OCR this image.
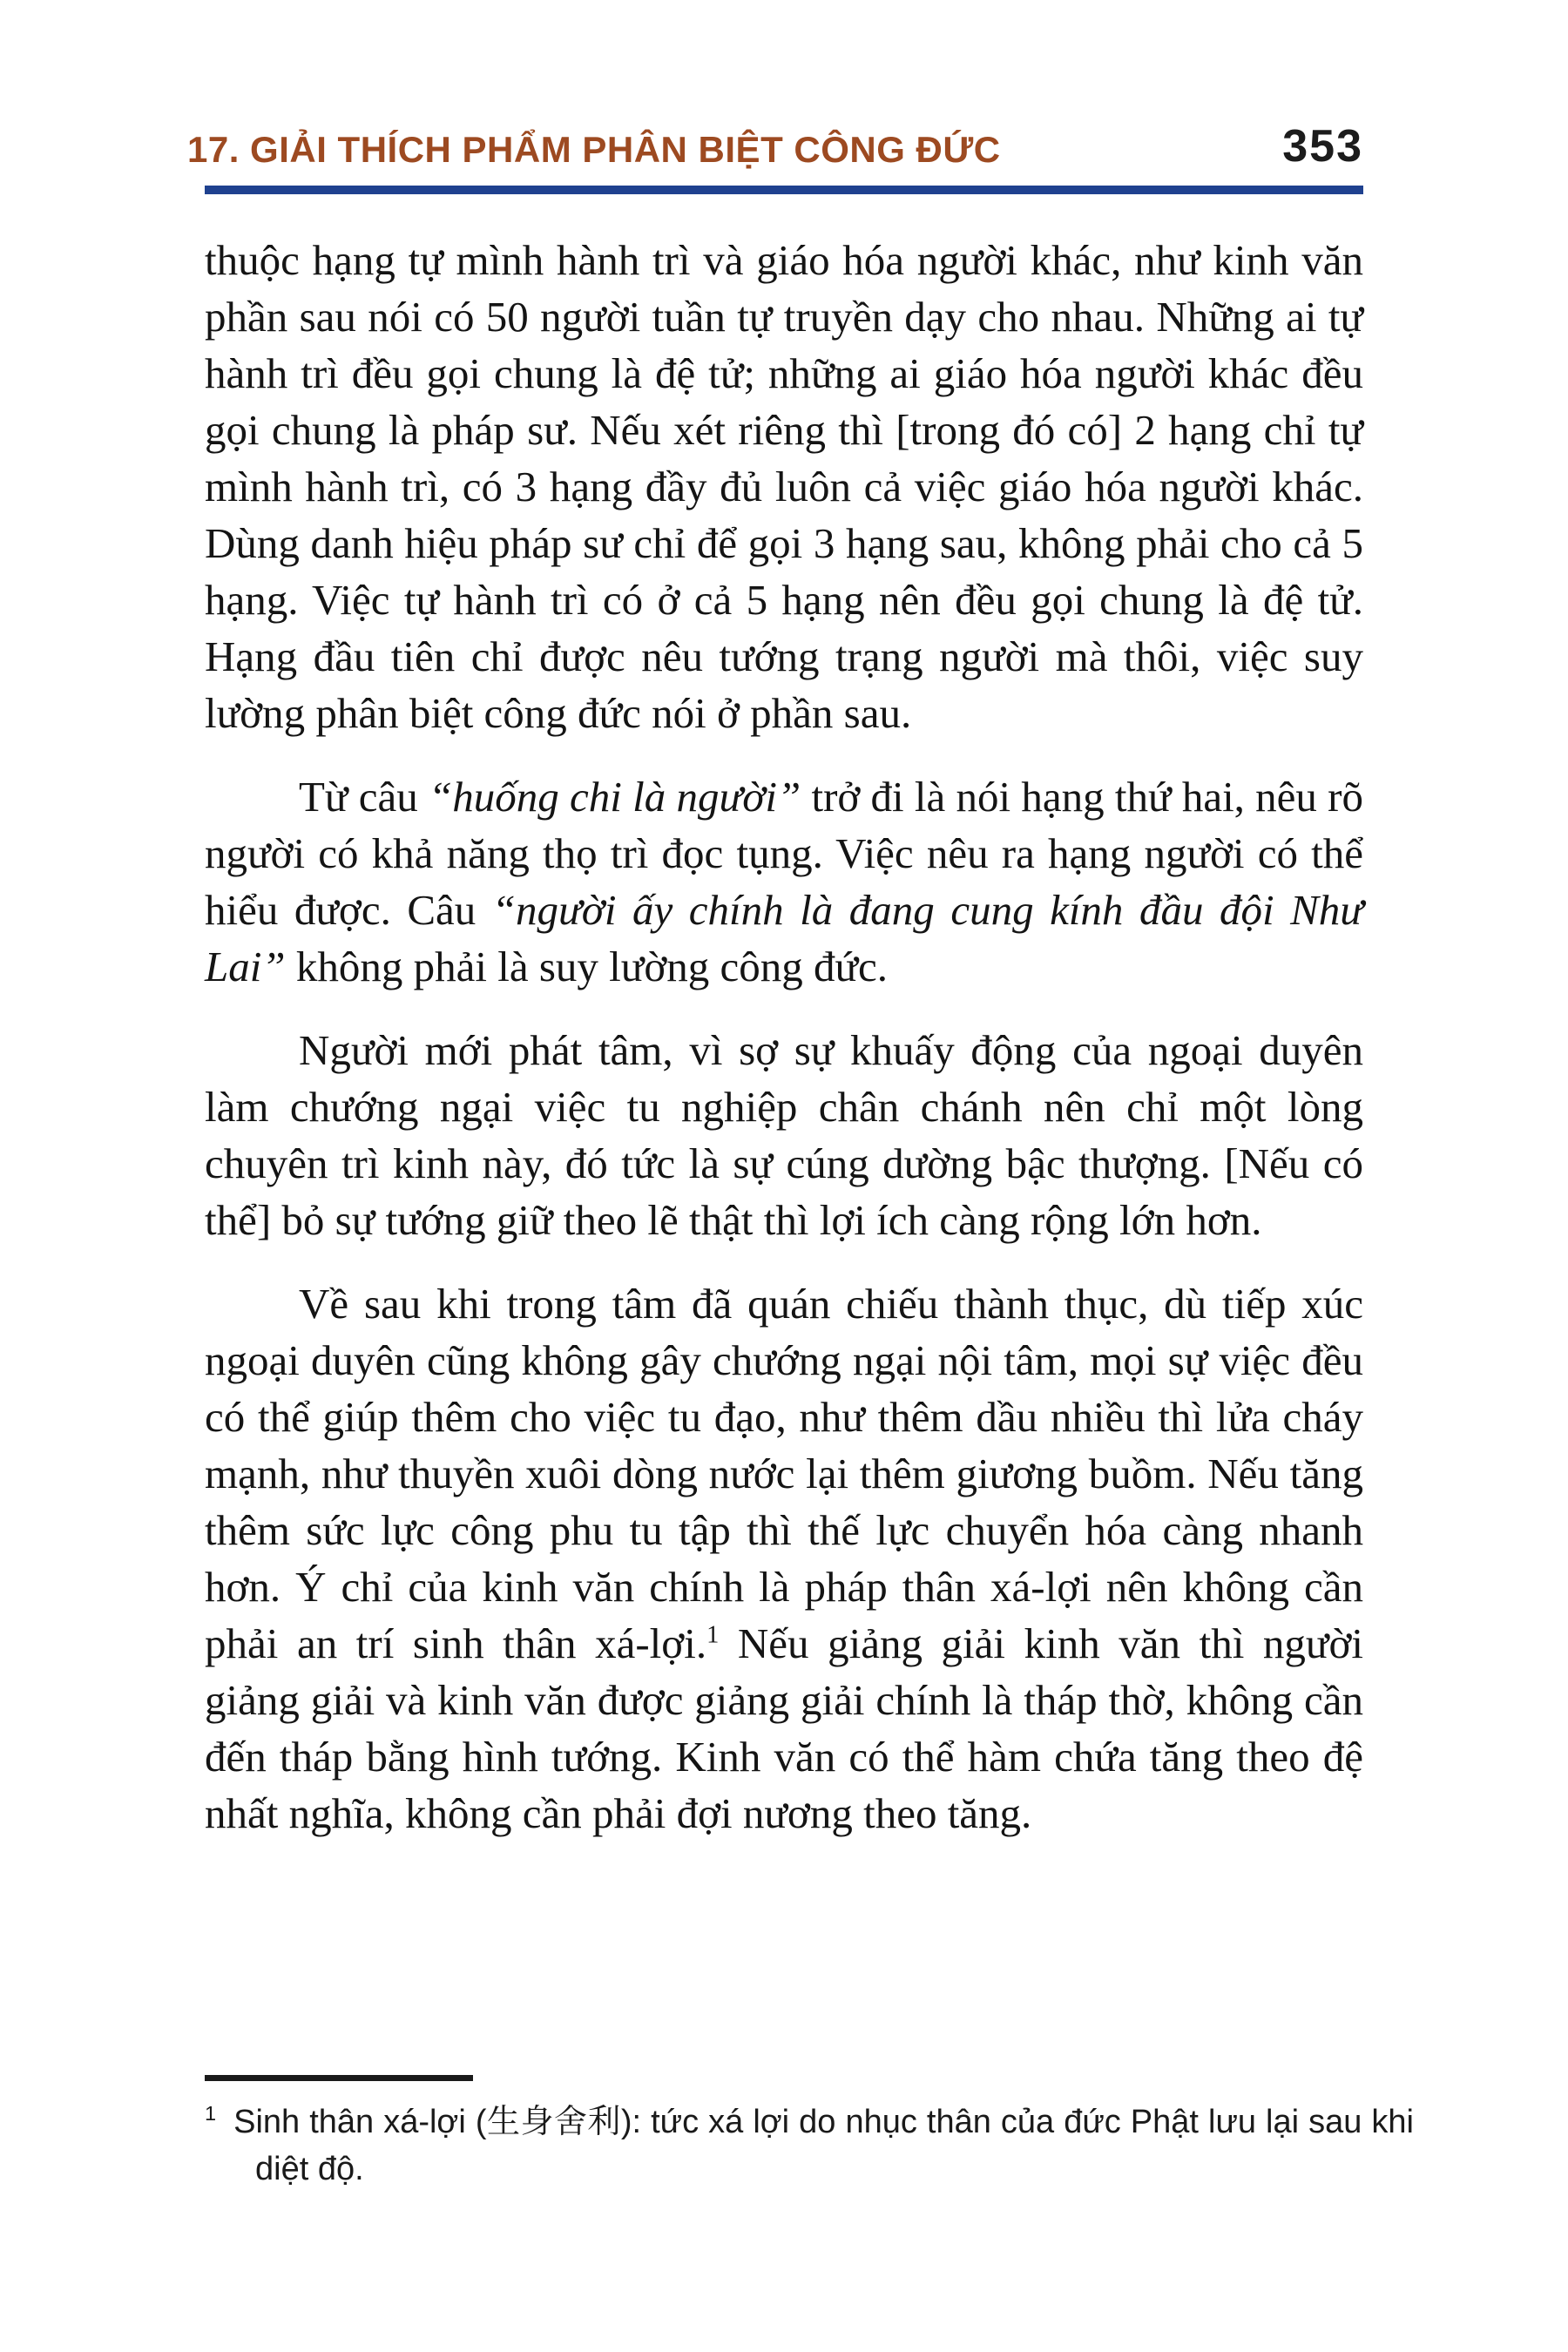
17. GIẢI THÍCH PHẨM PHÂN BIỆT CÔNG ĐỨC	353

thuộc hạng tự mình hành trì và giáo hóa người khác, như kinh văn phần sau nói có 50 người tuần tự truyền dạy cho nhau. Những ai tự hành trì đều gọi chung là đệ tử; những ai giáo hóa người khác đều gọi chung là pháp sư. Nếu xét riêng thì [trong đó có] 2 hạng chỉ tự mình hành trì, có 3 hạng đầy đủ luôn cả việc giáo hóa người khác. Dùng danh hiệu pháp sư chỉ để gọi 3 hạng sau, không phải cho cả 5 hạng. Việc tự hành trì có ở cả 5 hạng nên đều gọi chung là đệ tử. Hạng đầu tiên chỉ được nêu tướng trạng người mà thôi, việc suy lường phân biệt công đức nói ở phần sau.

Từ câu “huống chi là người” trở đi là nói hạng thứ hai, nêu rõ người có khả năng thọ trì đọc tụng. Việc nêu ra hạng người có thể hiểu được. Câu “người ấy chính là đang cung kính đầu đội Như Lai” không phải là suy lường công đức.

Người mới phát tâm, vì sợ sự khuấy động của ngoại duyên làm chướng ngại việc tu nghiệp chân chánh nên chỉ một lòng chuyên trì kinh này, đó tức là sự cúng dường bậc thượng. [Nếu có thể] bỏ sự tướng giữ theo lẽ thật thì lợi ích càng rộng lớn hơn.

Về sau khi trong tâm đã quán chiếu thành thục, dù tiếp xúc ngoại duyên cũng không gây chướng ngại nội tâm, mọi sự việc đều có thể giúp thêm cho việc tu đạo, như thêm dầu nhiều thì lửa cháy mạnh, như thuyền xuôi dòng nước lại thêm giương buồm. Nếu tăng thêm sức lực công phu tu tập thì thế lực chuyển hóa càng nhanh hơn. Ý chỉ của kinh văn chính là pháp thân xá-lợi nên không cần phải an trí sinh thân xá-lợi.$^1$ Nếu giảng giải kinh văn thì người giảng giải và kinh văn được giảng giải chính là tháp thờ, không cần đến tháp bằng hình tướng. Kinh văn có thể hàm chứa tăng theo đệ nhất nghĩa, không cần phải đợi nương theo tăng.

$^1$ Sinh thân xá-lợi (生身舍利): tức xá lợi do nhục thân của đức Phật lưu lại sau khi diệt độ.
